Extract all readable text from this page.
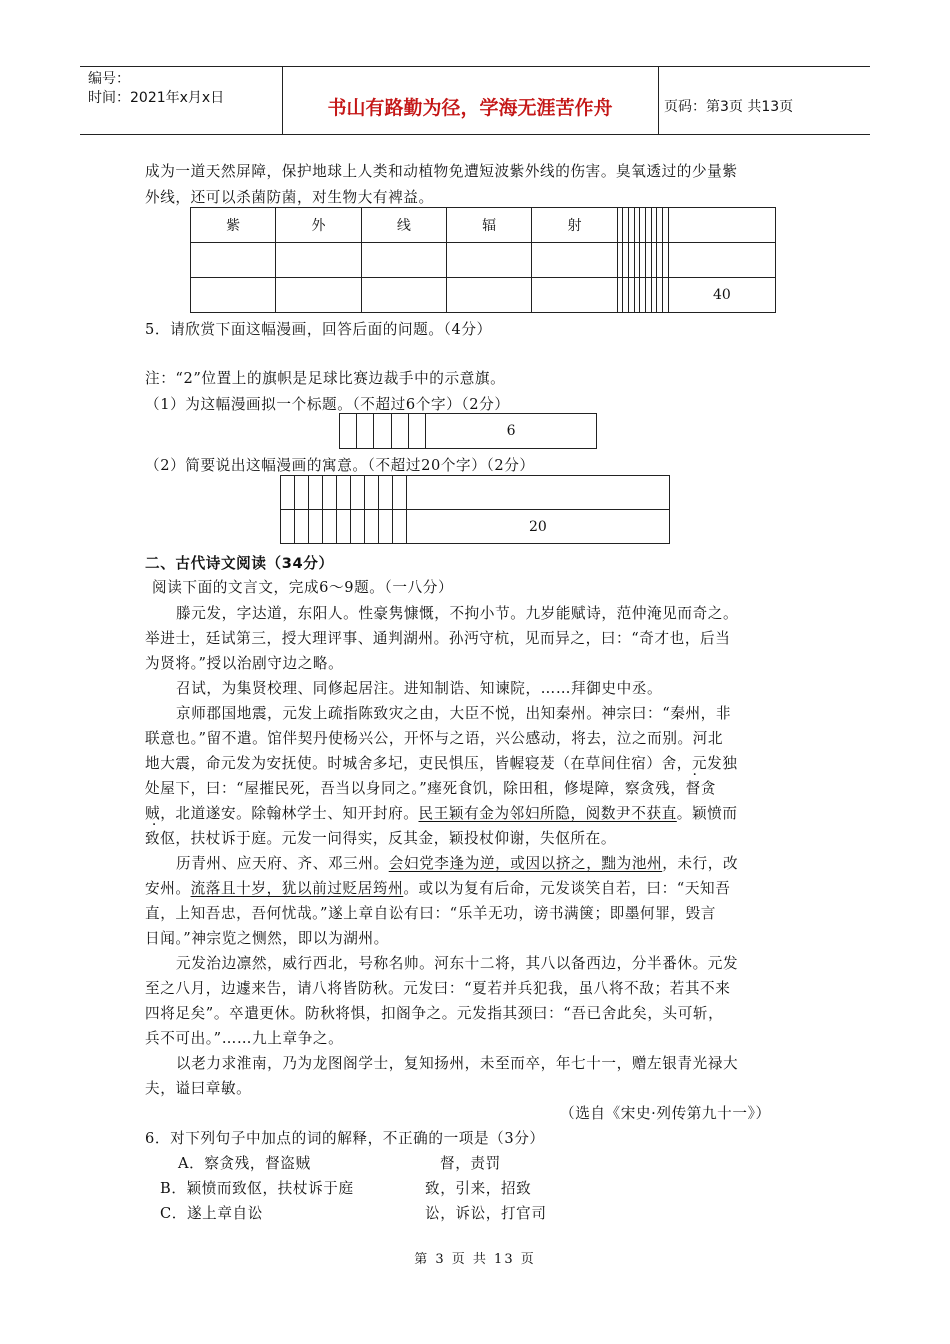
编号：
时间：2021年x月x日	书山有路勤为径，学海无涯苦作舟	页码：第3页 共13页
成为一道天然屏障，保护地球上人类和动植物免遭短波紫外线的伤害。臭氧透过的少量紫
外线，还可以杀菌防菌，对生物大有裨益。
紫	外	线	辐	射										

														40
5．请欣赏下面这幅漫画，回答后面的问题。（4分）
注：“2”位置上的旗帜是足球比赛边裁手中的示意旗。
（1）为这幅漫画拟一个标题。（不超过6个字）（2分）
					6
（2）简要说出这幅漫画的寓意。（不超过20个字）（2分）

									20
二、古代诗文阅读（34分）
阅读下面的文言文，完成6～9题。（一八分）
滕元发，字达道，东阳人。性豪隽慷慨，不拘小节。九岁能赋诗，范仲淹见而奇之。
举进士，廷试第三，授大理评事、通判湖州。孙沔守杭，见而异之，曰：“奇才也，后当
为贤将。”授以治剧守边之略。
召试，为集贤校理、同修起居注。进知制诰、知谏院，……拜御史中丞。
京师郡国地震，元发上疏指陈致灾之由，大臣不悦，出知秦州。神宗曰：“秦州，非
联意也。”留不遣。馆伴契丹使杨兴公，开怀与之语，兴公感动，将去，泣之而别。河北
地大震，命元发为安抚使。时城舍多圮，吏民惧压，皆幄寝茇（在草间住宿）舍，元发独
处屋下，曰：“屋摧民死，吾当以身同之。”瘗死食饥，除田租，修堤障，察贪残，督贪
贼，北道遂安。除翰林学士、知开封府。民王颖有金为邻妇所隐，阅数尹不获直。颖愤而
致伛，扶杖诉于庭。元发一问得实，反其金，颖投杖仰谢，失伛所在。
历青州、应天府、齐、邓三州。会妇党李逢为逆，或因以挤之，黜为池州，未行，改
安州。流落且十岁，犹以前过贬居筠州。或以为复有后命，元发谈笑自若，曰：“天知吾
直，上知吾忠，吾何忧哉。”遂上章自讼有曰：“乐羊无功，谤书满箧；即墨何罪，毁言
日闻。”神宗览之恻然，即以为湖州。
元发治边凛然，威行西北，号称名帅。河东十二将，其八以备西边，分半番休。元发
至之八月，边遽来告，请八将皆防秋。元发曰：“夏若并兵犯我，虽八将不敌；若其不来
四将足矣”。卒遣更休。防秋将惧，扣阁争之。元发指其颈曰：“吾已舍此矣，头可斩，
兵不可出。”……九上章争之。
以老力求淮南，乃为龙图阁学士，复知扬州，未至而卒，年七十一，赠左银青光禄大
夫，谥曰章敏。
（选自《宋史·列传第九十一》）
6．对下列句子中加点的词的解释，不正确的一项是（3分）
A．察贪残，督盗贼	督，责罚
B．颖愤而致伛，扶杖诉于庭	致，引来，招致
C．遂上章自讼	讼，诉讼，打官司
第 3 页 共 13 页
